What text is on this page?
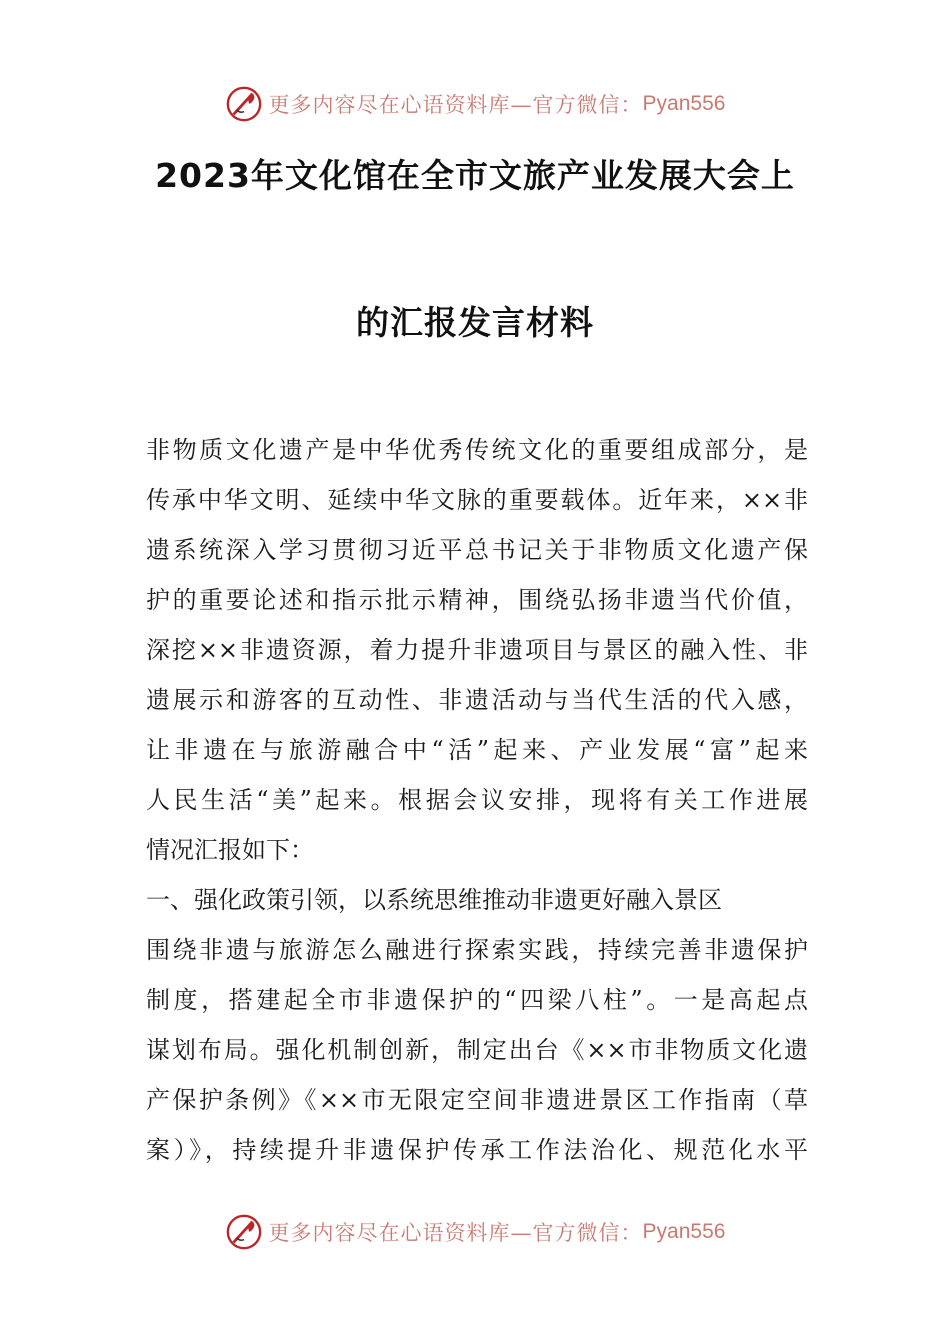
更多内容尽在心语资料库—官方微信： Pyan556
2023年文化馆在全市文旅产业发展大会上
的汇报发言材料
非物质文化遗产是中华优秀传统文化的重要组成部分，是
传承中华文明、延续中华文脉的重要载体。近年来，××非
遗系统深入学习贯彻习近平总书记关于非物质文化遗产保
护的重要论述和指示批示精神，围绕弘扬非遗当代价值，
深挖××非遗资源，着力提升非遗项目与景区的融入性、非
遗展示和游客的互动性、非遗活动与当代生活的代入感，
让非遗在与旅游融合中“活”起来、产业发展“富”起来
人民生活“美”起来。根据会议安排，现将有关工作进展
情况汇报如下：
一、强化政策引领，以系统思维推动非遗更好融入景区
围绕非遗与旅游怎么融进行探索实践，持续完善非遗保护
制度，搭建起全市非遗保护的“四梁八柱”。一是高起点
谋划布局。强化机制创新，制定出台《××市非物质文化遗
产保护条例》《××市无限定空间非遗进景区工作指南（草
案）》，持续提升非遗保护传承工作法治化、规范化水平
更多内容尽在心语资料库—官方微信： Pyan556
